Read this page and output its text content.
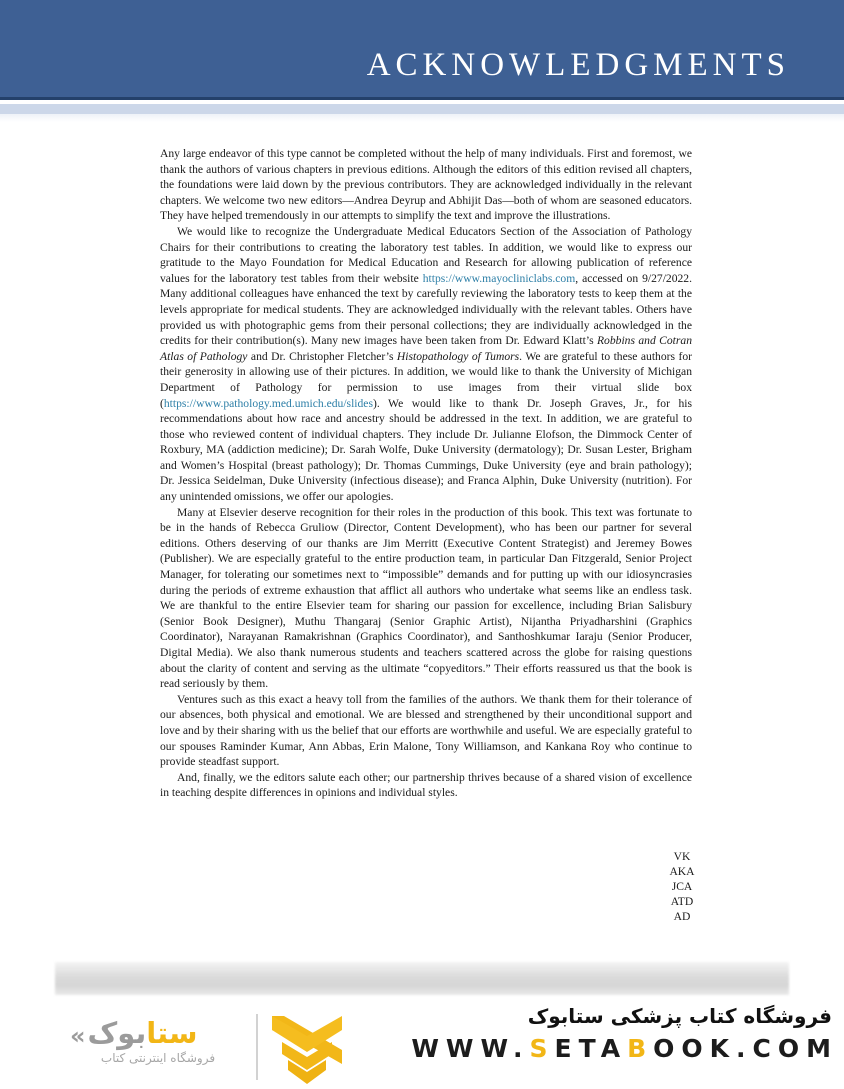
ACKNOWLEDGMENTS

Any large endeavor of this type cannot be completed without the help of many individuals. First and foremost, we thank the authors of various chapters in previous editions. Although the editors of this edition revised all chapters, the foundations were laid down by the previous contributors. They are acknowledged individually in the relevant chapters. We welcome two new editors—Andrea Deyrup and Abhijit Das—both of whom are seasoned educators. They have helped tremendously in our attempts to simplify the text and improve the illustrations.

We would like to recognize the Undergraduate Medical Educators Section of the Association of Pathology Chairs for their contributions to creating the laboratory test tables. In addition, we would like to express our gratitude to the Mayo Foundation for Medical Education and Research for allowing publication of reference values for the laboratory test tables from their website https://www.mayocliniclabs.com, accessed on 9/27/2022. Many additional colleagues have enhanced the text by carefully reviewing the laboratory tests to keep them at the levels appropriate for medical students. They are acknowledged individually with the relevant tables. Others have provided us with photographic gems from their personal collections; they are individually acknowledged in the credits for their contribution(s). Many new images have been taken from Dr. Edward Klatt’s Robbins and Cotran Atlas of Pathology and Dr. Christopher Fletcher’s Histopathology of Tumors. We are grateful to these authors for their generosity in allowing use of their pictures. In addition, we would like to thank the University of Michigan Department of Pathology for permission to use images from their virtual slide box (https://www.pathology.med.umich.edu/slides). We would like to thank Dr. Joseph Graves, Jr., for his recommendations about how race and ancestry should be addressed in the text. In addition, we are grateful to those who reviewed content of individual chapters. They include Dr. Julianne Elofson, the Dimmock Center of Roxbury, MA (addiction medicine); Dr. Sarah Wolfe, Duke University (dermatology); Dr. Susan Lester, Brigham and Women’s Hospital (breast pathology); Dr. Thomas Cummings, Duke University (eye and brain pathology); Dr. Jessica Seidelman, Duke University (infectious disease); and Franca Alphin, Duke University (nutrition). For any unintended omissions, we offer our apologies.

Many at Elsevier deserve recognition for their roles in the production of this book. This text was fortunate to be in the hands of Rebecca Gruliow (Director, Content Development), who has been our partner for several editions. Others deserving of our thanks are Jim Merritt (Executive Content Strategist) and Jeremey Bowes (Publisher). We are especially grateful to the entire production team, in particular Dan Fitzgerald, Senior Project Manager, for tolerating our sometimes next to “impossible” demands and for putting up with our idiosyncrasies during the periods of extreme exhaustion that afflict all authors who undertake what seems like an endless task. We are thankful to the entire Elsevier team for sharing our passion for excellence, including Brian Salisbury (Senior Book Designer), Muthu Thangaraj (Senior Graphic Artist), Nijantha Priyadharshini (Graphics Coordinator), Narayanan Ramakrishnan (Graphics Coordinator), and Santhoshkumar Iaraju (Senior Producer, Digital Media). We also thank numerous students and teachers scattered across the globe for raising questions about the clarity of content and serving as the ultimate “copyeditors.” Their efforts reassured us that the book is read seriously by them.

Ventures such as this exact a heavy toll from the families of the authors. We thank them for their tolerance of our absences, both physical and emotional. We are blessed and strengthened by their unconditional support and love and by their sharing with us the belief that our efforts are worthwhile and useful. We are especially grateful to our spouses Raminder Kumar, Ann Abbas, Erin Malone, Tony Williamson, and Kankana Roy who continue to provide steadfast support.

And, finally, we the editors salute each other; our partnership thrives because of a shared vision of excellence in teaching despite differences in opinions and individual styles.

VK
AKA
JCA
ATD
AD
فروشگاه کتاب پزشکی ستابوک
WWW.SETABOOK.COM
« بوک ستا
فروشگاه اینترنتی کتاب
